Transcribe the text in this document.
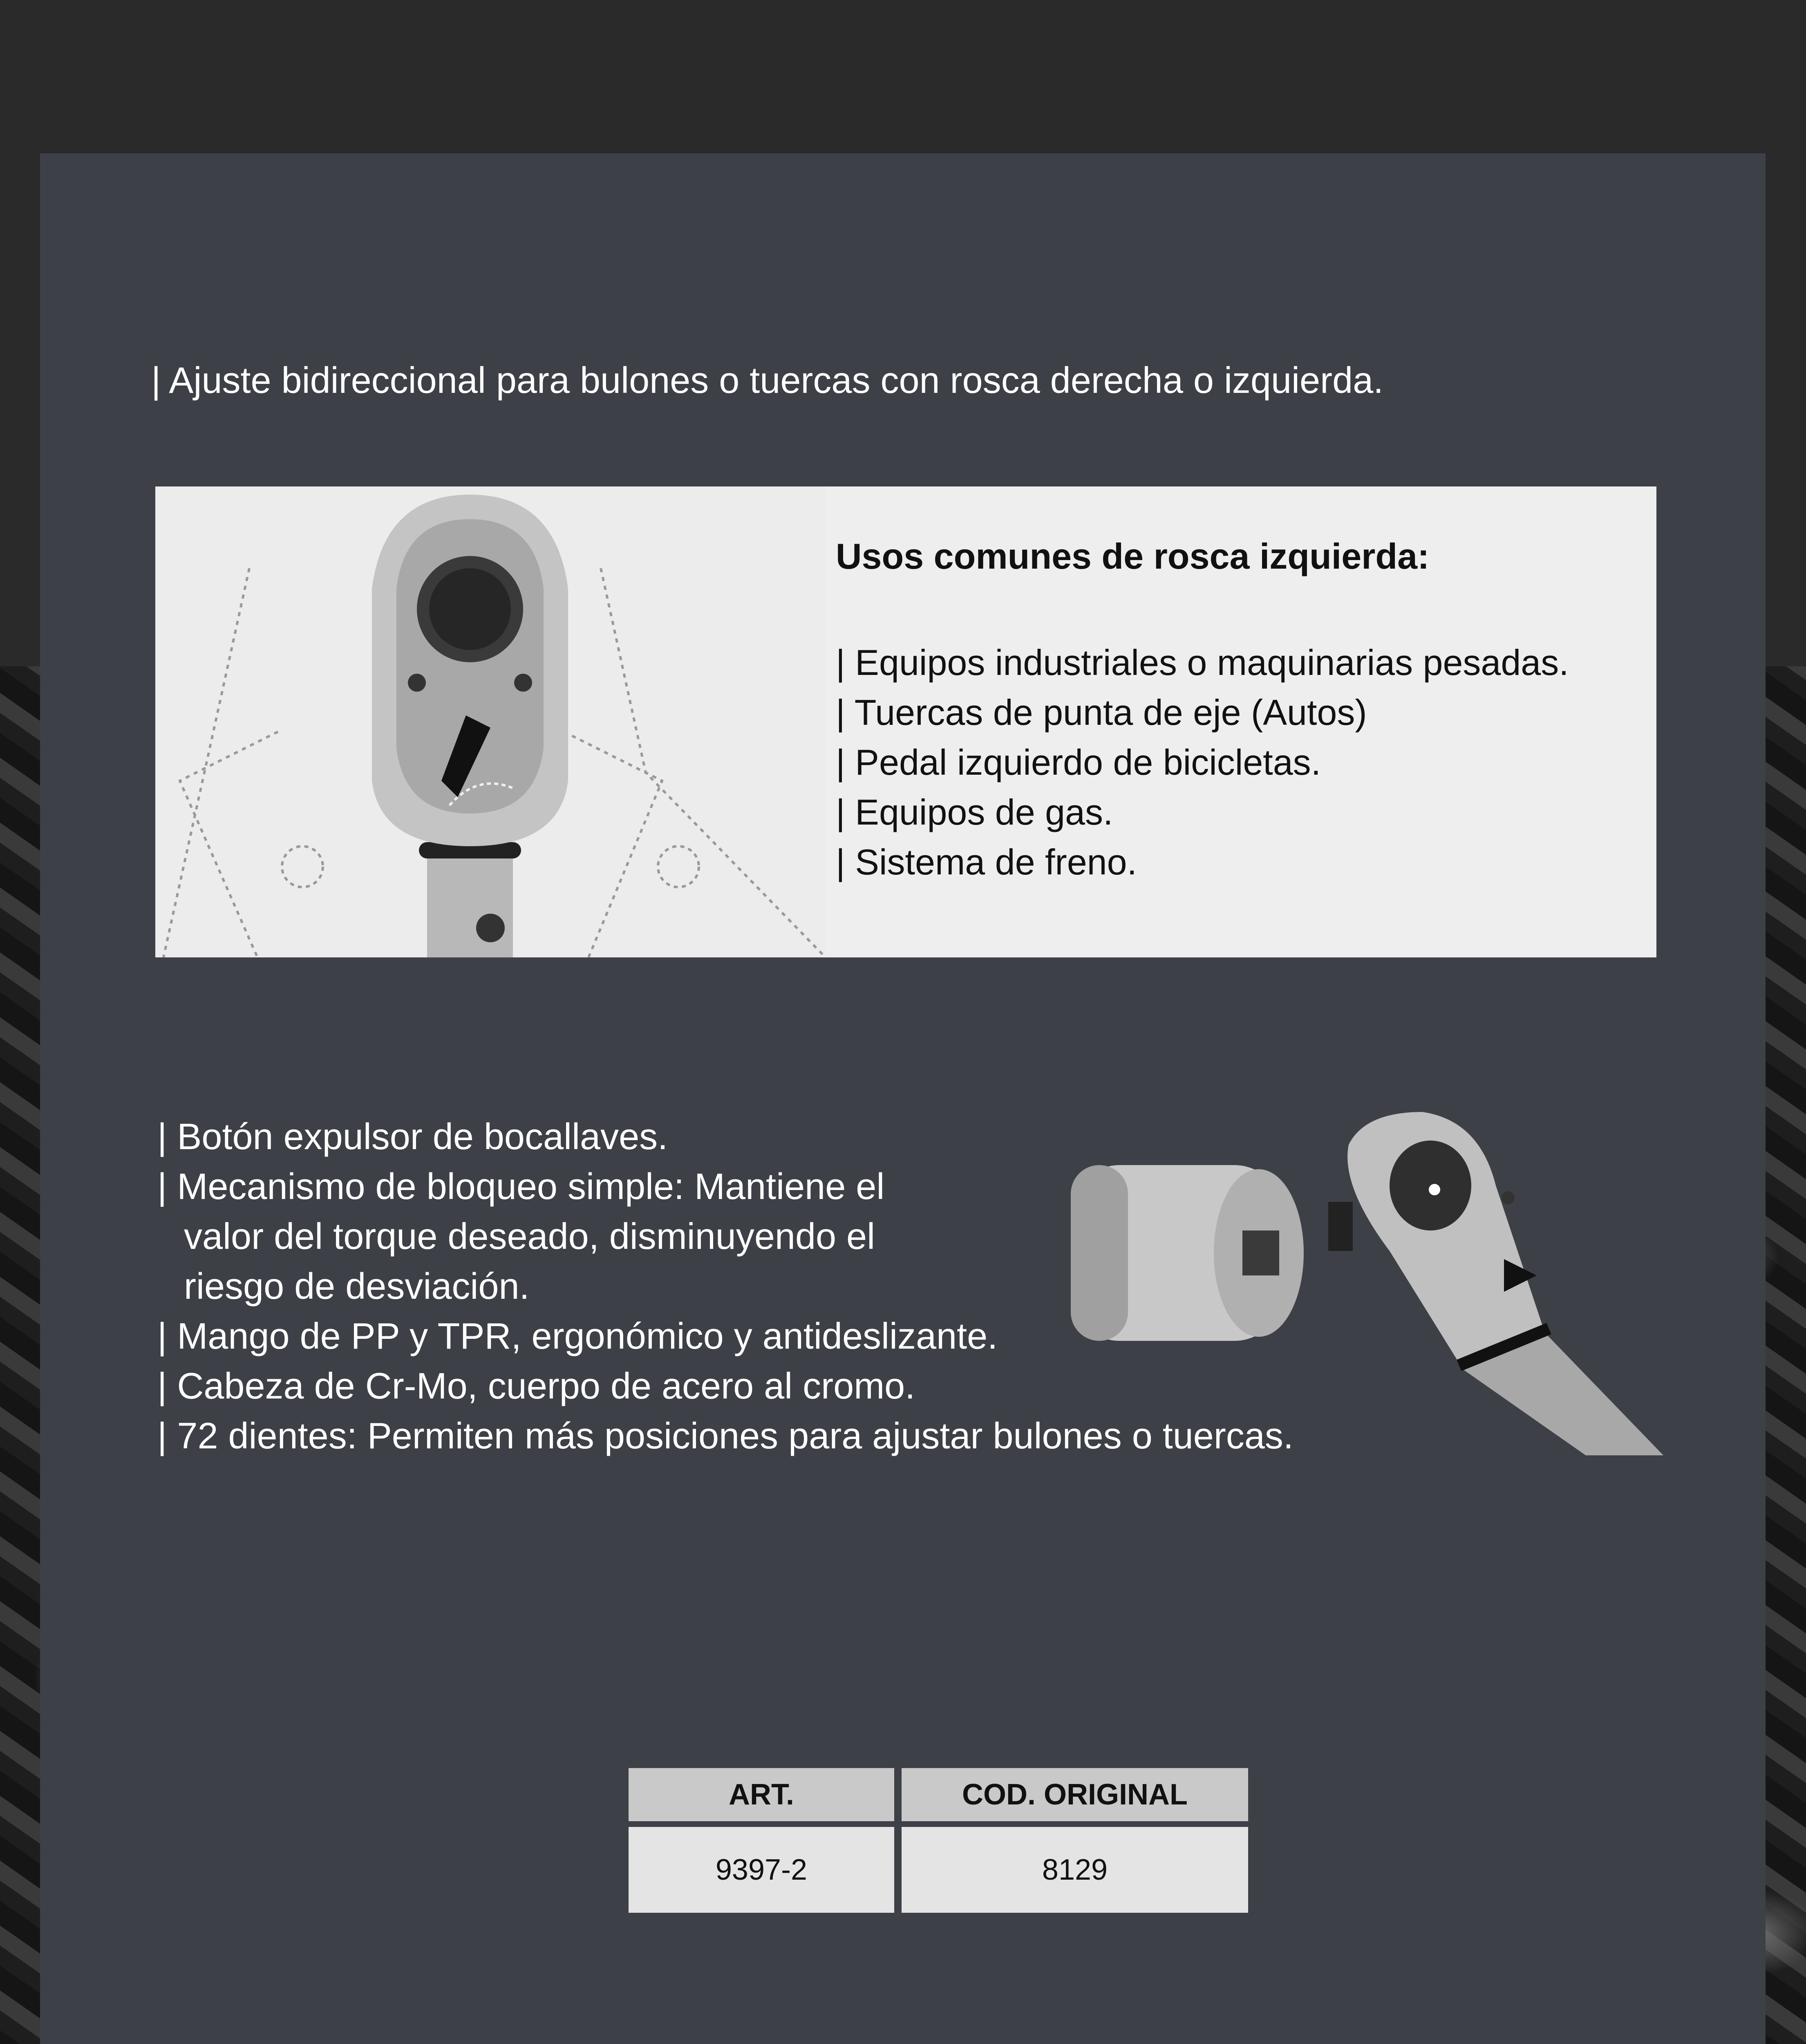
| Ajuste bidireccional para bulones o tuercas con rosca derecha o izquierda.

Usos comunes de rosca izquierda:

| Equipos industriales o maquinarias pesadas.
| Tuercas de punta de eje (Autos)
| Pedal izquierdo de bicicletas.
| Equipos de gas.
| Sistema de freno.
| Botón expulsor de bocallaves.
| Mecanismo de bloqueo simple: Mantiene el
valor del torque deseado, disminuyendo el
riesgo de desviación.
| Mango de PP y TPR, ergonómico y antideslizante.
| Cabeza de Cr-Mo, cuerpo de acero al cromo.
| 72 dientes: Permiten más posiciones para ajustar bulones o tuercas.
ART.	COD. ORIGINAL
9397-2	8129
